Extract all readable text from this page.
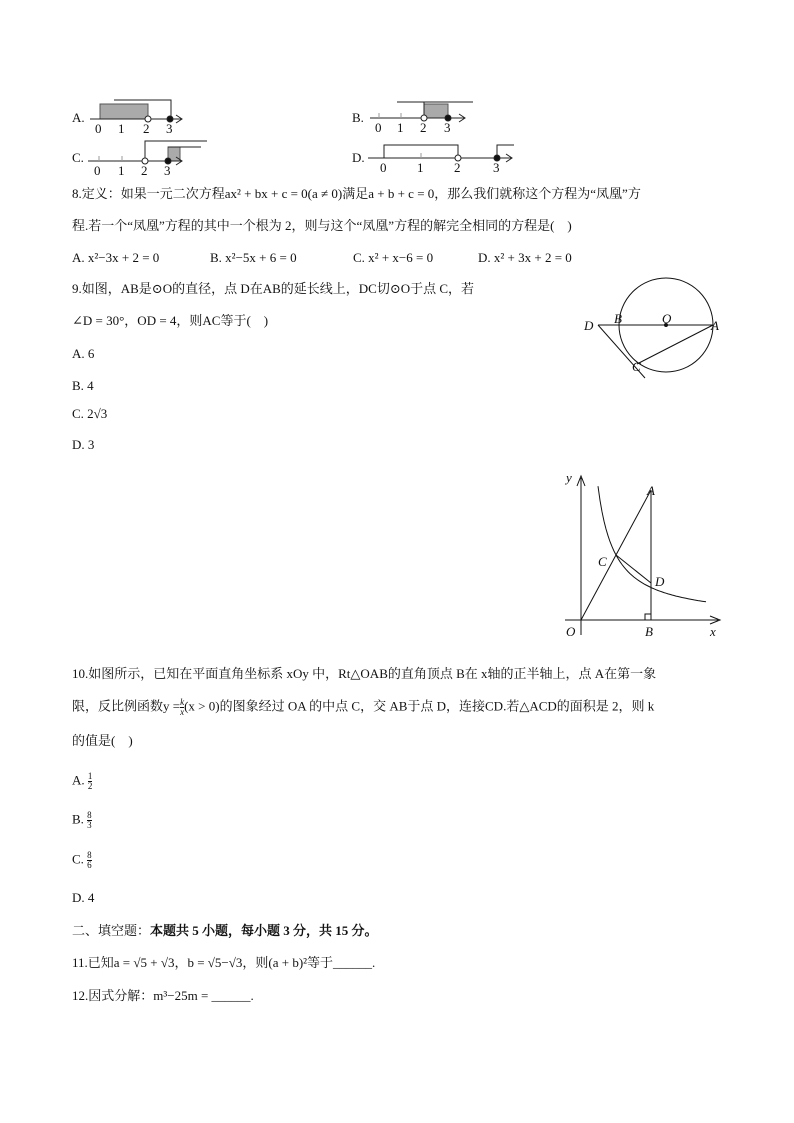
A.
0 1 2 3
B.
0 1 2 3
C.
0 1 2 3
D.
0 1 2	3
8.定义：如果一元二次方程ax² + bx + c = 0(a ≠ 0)满足a + b + c = 0，那么我们就称这个方程为“凤凰”方
程.若一个“凤凰”方程的其中一个根为 2，则与这个“凤凰”方程的解完全相同的方程是(　)
A. x²−3x + 2 = 0	B. x²−5x + 6 = 0	C. x² + x−6 = 0	D. x² + 3x + 2 = 0
9.如图，AB是⊙O的直径，点 D在AB的延长线上，DC切⊙O于点 C，若
∠D = 30°，OD = 4，则AC等于(　)
A. 6
B. 4
C. 2√3
D. 3
D B	O	A
C
y
x
O
A
B
C
D
10.如图所示，已知在平面直角坐标系 xOy 中，Rt△OAB的直角顶点 B在 x轴的正半轴上，点 A在第一象
限，反比例函数$y = \frac{k}{x} (x > 0)$的图象经过 OA 的中点 C，交 AB于点 D，连接CD.若△ACD的面积是 2，则 k
的值是(　)
A. $\frac{1}{2}$
B. $\frac{8}{3}$
C. $\frac{8}{6}$
D. 4
二、填空题：本题共 5 小题，每小题 3 分，共 15 分。
11.已知a = √5 + √3，b = √5−√3，则(a + b)²等于______.
12.因式分解：m³−25m = ______.
